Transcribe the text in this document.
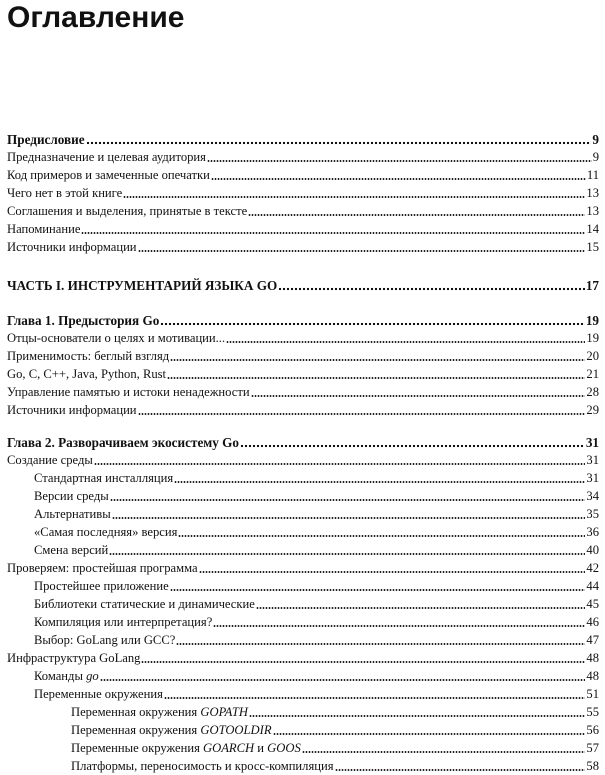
Оглавление
Предисловие	9
Предназначение и целевая аудитория	9
Код примеров и замеченные опечатки	11
Чего нет в этой книге	13
Соглашения и выделения, принятые в тексте	13
Напоминание	14
Источники информации	15
ЧАСТЬ I. ИНСТРУМЕНТАРИЙ ЯЗЫКА GO	17
Глава 1. Предыстория Go	19
Отцы-основатели о целях и мотивации...	19
Применимость: беглый взгляд	20
Go, C, C++, Java, Python, Rust	21
Управление памятью и истоки ненадежности	28
Источники информации	29
Глава 2. Разворачиваем экосистему Go	31
Создание среды	31
Стандартная инсталляция	31
Версии среды	34
Альтернативы	35
«Самая последняя» версия	36
Смена версий	40
Проверяем: простейшая программа	42
Простейшее приложение	44
Библиотеки статические и динамические	45
Компиляция или интерпретация?	46
Выбор: GoLang или GCC?	47
Инфраструктура GoLang	48
Команды go	48
Переменные окружения	51
Переменная окружения GOPATH	55
Переменная окружения GOTOOLDIR	56
Переменные окружения GOARCH и GOOS	57
Платформы, переносимость и кросс-компиляция	58
